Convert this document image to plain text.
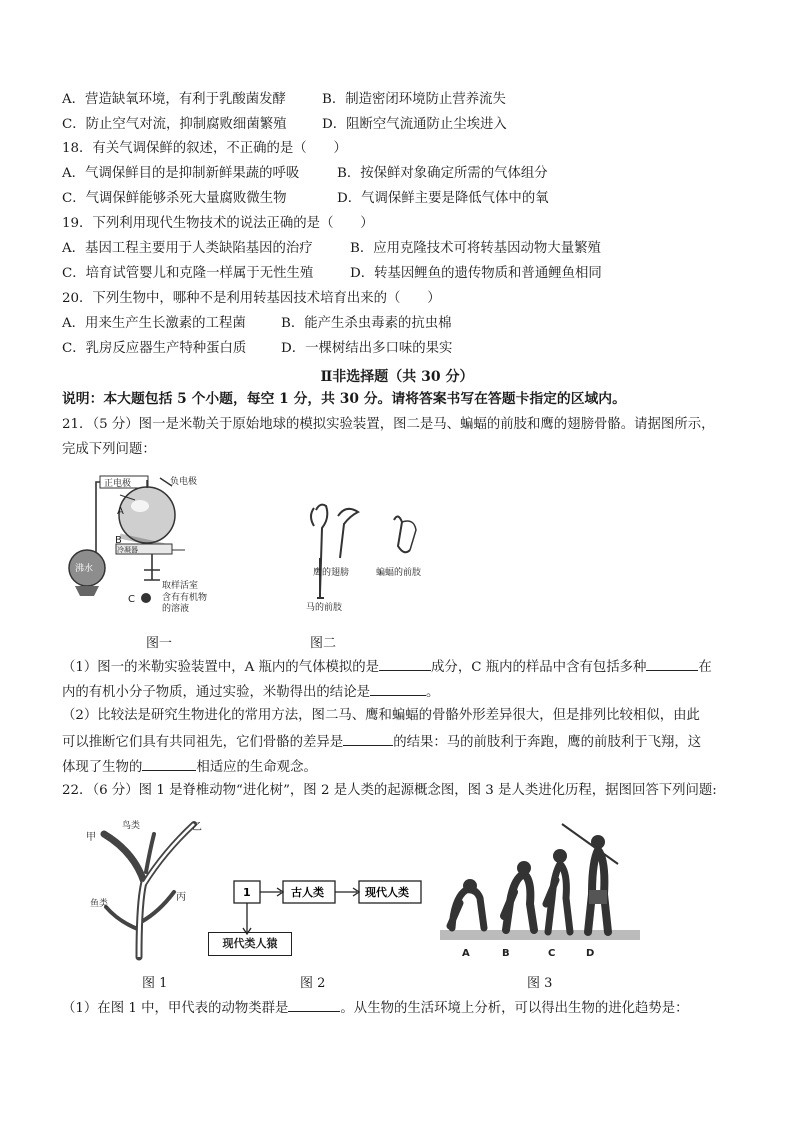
A．营造缺氧环境，有利于乳酸菌发酵	B．制造密闭环境防止营养流失
C．防止空气对流，抑制腐败细菌繁殖	D．阻断空气流通防止尘埃进入
18．有关气调保鲜的叙述，不正确的是（　　）
A．气调保鲜目的是抑制新鲜果蔬的呼吸	B．按保鲜对象确定所需的气体组分
C．气调保鲜能够杀死大量腐败微生物	D．气调保鲜主要是降低气体中的氧
19．下列利用现代生物技术的说法正确的是（　　）
A．基因工程主要用于人类缺陷基因的治疗	B．应用克隆技术可将转基因动物大量繁殖
C．培育试管婴儿和克隆一样属于无性生殖	D．转基因鲤鱼的遗传物质和普通鲤鱼相同
20．下列生物中，哪种不是利用转基因技术培育出来的（　　）
A．用来生产生长激素的工程菌	B．能产生杀虫毒素的抗虫棉
C．乳房反应器生产特种蛋白质	D．一棵树结出多口味的果实
Ⅱ非选择题（共 30 分）
说明：本大题包括 5 个小题，每空 1 分，共 30 分。请将答案书写在答题卡指定的区域内。
21．（5 分）图一是米勒关于原始地球的模拟实验装置，图二是马、蝙蝠的前肢和鹰的翅膀骨骼。请据图所示，
完成下列问题：
正电极	负电极
A
B
冷凝器
沸水
取样活室
C	含有有机物
的溶液
图一
鹰的翅膀	蝙蝠的前肢
马的前肢
图二
（1）图一的米勒实验装置中，A 瓶内的气体模拟的是	成分，C 瓶内的样品中含有包括多种	在
内的有机小分子物质，通过实验，米勒得出的结论是	。
（2）比较法是研究生物进化的常用方法，图二马、鹰和蝙蝠的骨骼外形差异很大，但是排列比较相似，由此
可以推断它们具有共同祖先，它们骨骼的差异是	的结果：马的前肢利于奔跑，鹰的前肢利于飞翔，这
体现了生物的	相适应的生命观念。
22．（6 分）图 1 是脊椎动物“进化树”，图 2 是人类的起源概念图，图 3 是人类进化历程，据图回答下列问题:
甲
鸟类	乙
鱼类
丙
图 1
1	古人类	现代人类
现代类人猿
图 2
A	B	C	D
图 3
（1）在图 1 中，甲代表的动物类群是	。从生物的生活环境上分析，可以得出生物的进化趋势是：
